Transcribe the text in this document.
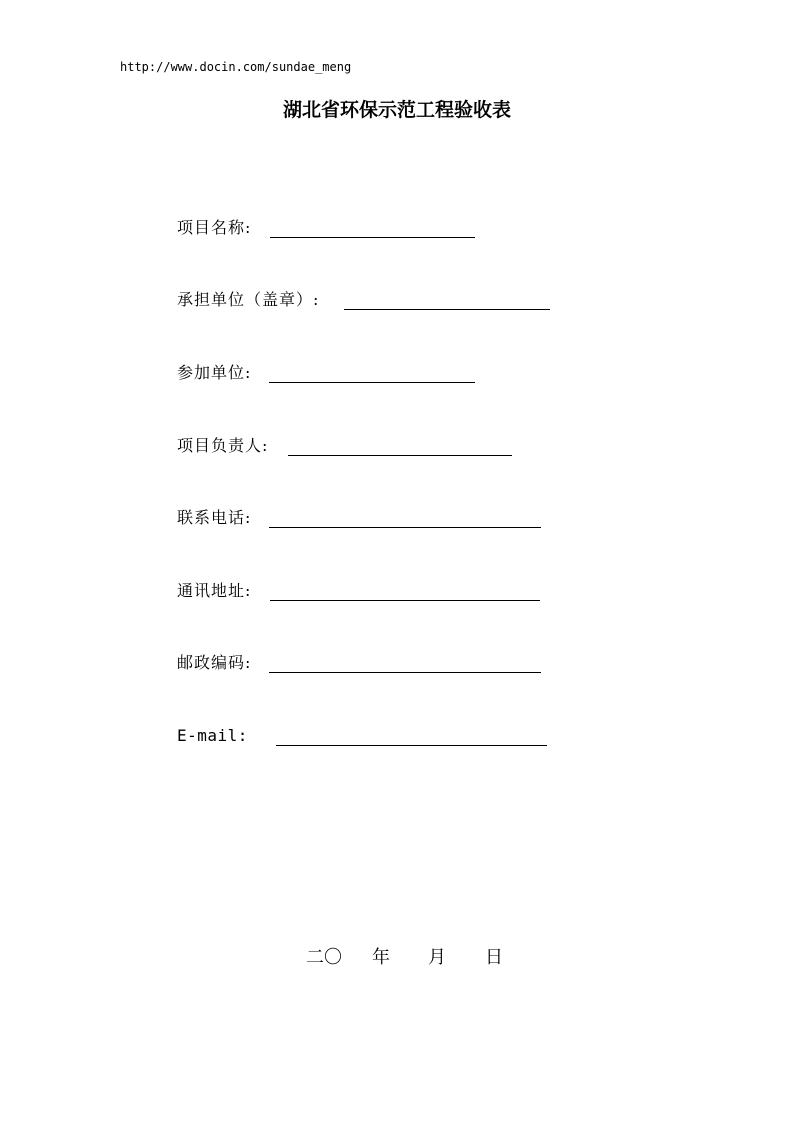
http://www.docin.com/sundae_meng
湖北省环保示范工程验收表
项目名称:
承担单位（盖章）:
参加单位:
项目负责人:
联系电话:
通讯地址:
邮政编码:
E-mail:
二〇 年 月 日
